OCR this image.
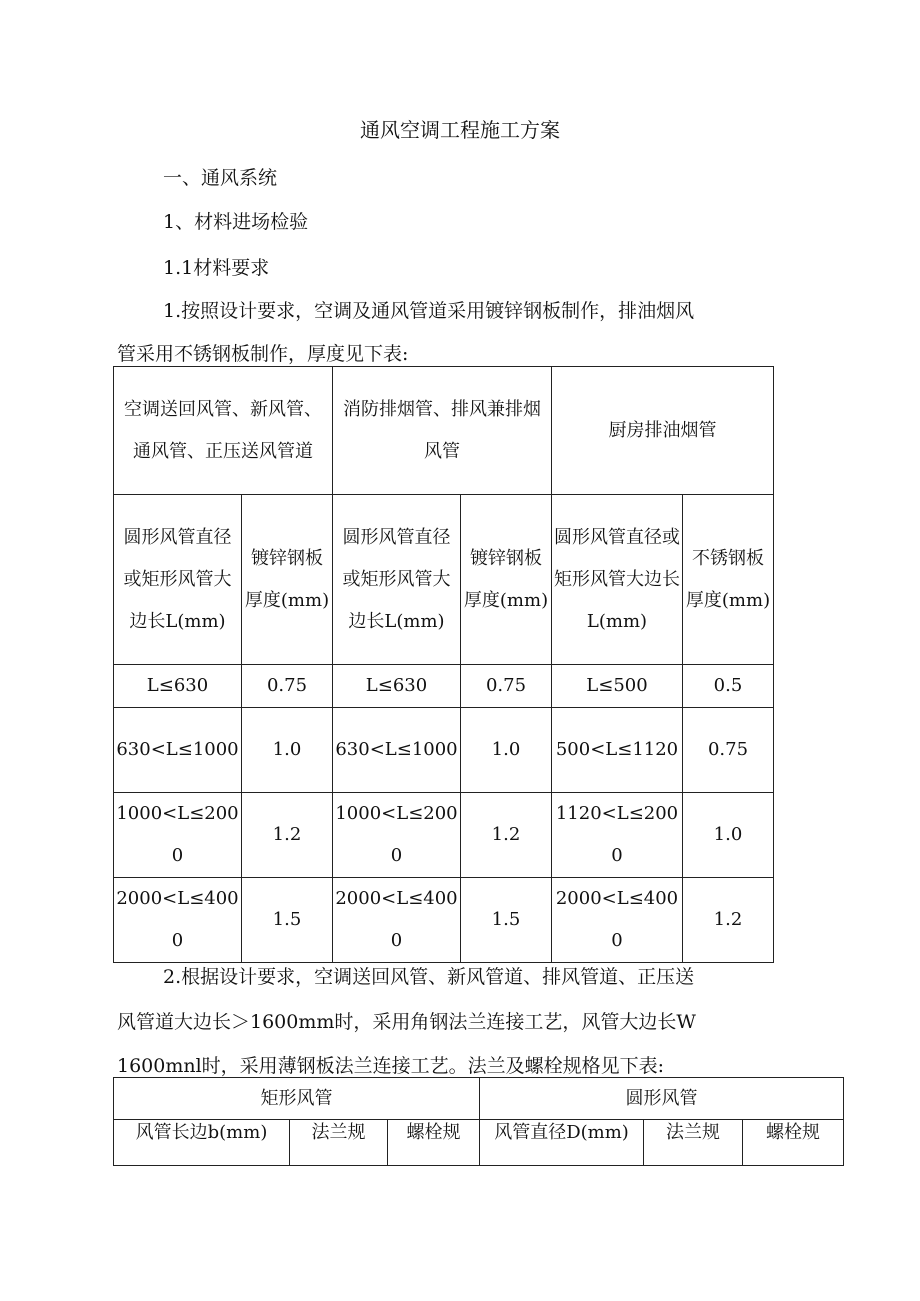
通风空调工程施工方案
一、通风系统
1、材料进场检验
1.1材料要求
1.按照设计要求，空调及通风管道采用镀锌钢板制作，排油烟风
管采用不锈钢板制作，厚度见下表:
空调送回风管、新风管、通风管、正压送风管道		消防排烟管、排风兼排烟风管		厨房排油烟管	
圆形风管直径或矩形风管大边长L(mm)	镀锌钢板厚度(mm)	圆形风管直径或矩形风管大边长L(mm)	镀锌钢板厚度(mm)	圆形风管直径或矩形风管大边长L(mm)	不锈钢板厚度(mm)
L≤630	0.75	L≤630	0.75	L≤500	0.5
630<L≤1000	1.0	630<L≤1000	1.0	500<L≤1120	0.75
1000<L≤2000	1.2	1000<L≤2000	1.2	1120<L≤2000	1.0
2000<L≤4000	1.5	2000<L≤4000	1.5	2000<L≤4000	1.2
2.根据设计要求，空调送回风管、新风管道、排风管道、正压送
风管道大边长＞1600mm时，采用角钢法兰连接工艺，风管大边长W
1600mnl时，采用薄钢板法兰连接工艺。法兰及螺栓规格见下表:
矩形风管			圆形风管		
风管长边b(mm)	法兰规	螺栓规	风管直径D(mm)	法兰规	螺栓规
